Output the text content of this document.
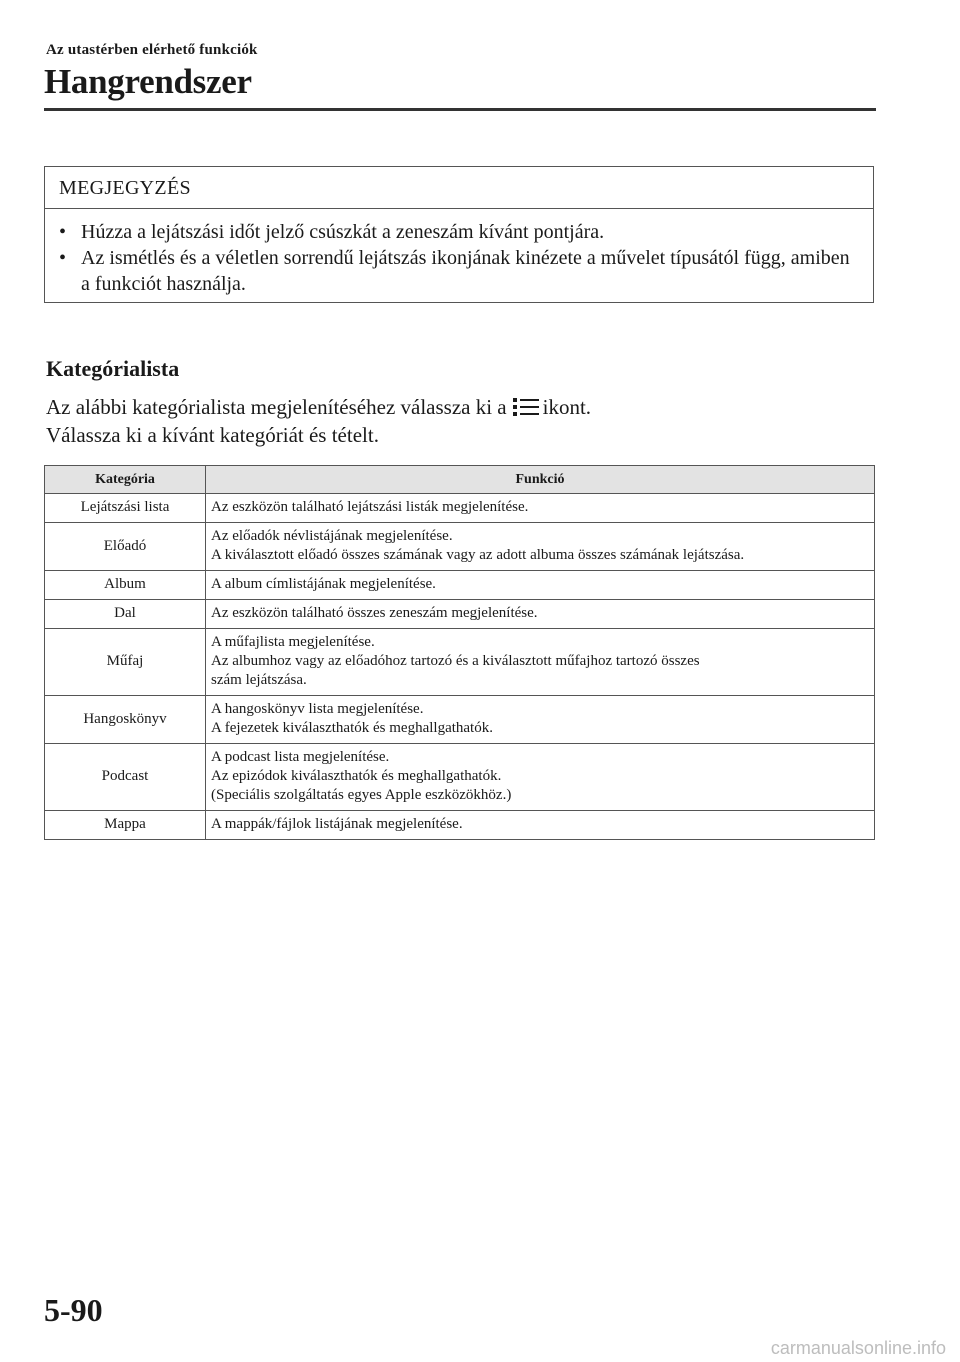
Az utastérben elérhető funkciók
Hangrendszer
MEGJEGYZÉS
• Húzza a lejátszási időt jelző csúszkát a zeneszám kívánt pontjára.
• Az ismétlés és a véletlen sorrendű lejátszás ikonjának kinézete a művelet típusától függ, amiben a funkciót használja.
Kategórialista

Az alábbi kategórialista megjelenítéséhez válassza ki a ikont.
Válassza ki a kívánt kategóriát és tételt.

Kategória	Funkció
Lejátszási lista	Az eszközön található lejátszási listák megjelenítése.

Előadó	Az előadók névlistájának megjelenítése.
A kiválasztott előadó összes számának vagy az adott albuma összes számának lejátszása.

Album	A album címlistájának megjelenítése.

Dal	Az eszközön található összes zeneszám megjelenítése.

Műfaj	A műfajlista megjelenítése.
Az albumhoz vagy az előadóhoz tartozó és a kiválasztott műfajhoz tartozó összes
szám lejátszása.

Hangoskönyv	A hangoskönyv lista megjelenítése.
A fejezetek kiválaszthatók és meghallgathatók.

Podcast	A podcast lista megjelenítése.
Az epizódok kiválaszthatók és meghallgathatók.
(Speciális szolgáltatás egyes Apple eszközökhöz.)

Mappa	A mappák/fájlok listájának megjelenítése.
5-90
carmanualsonline.info
